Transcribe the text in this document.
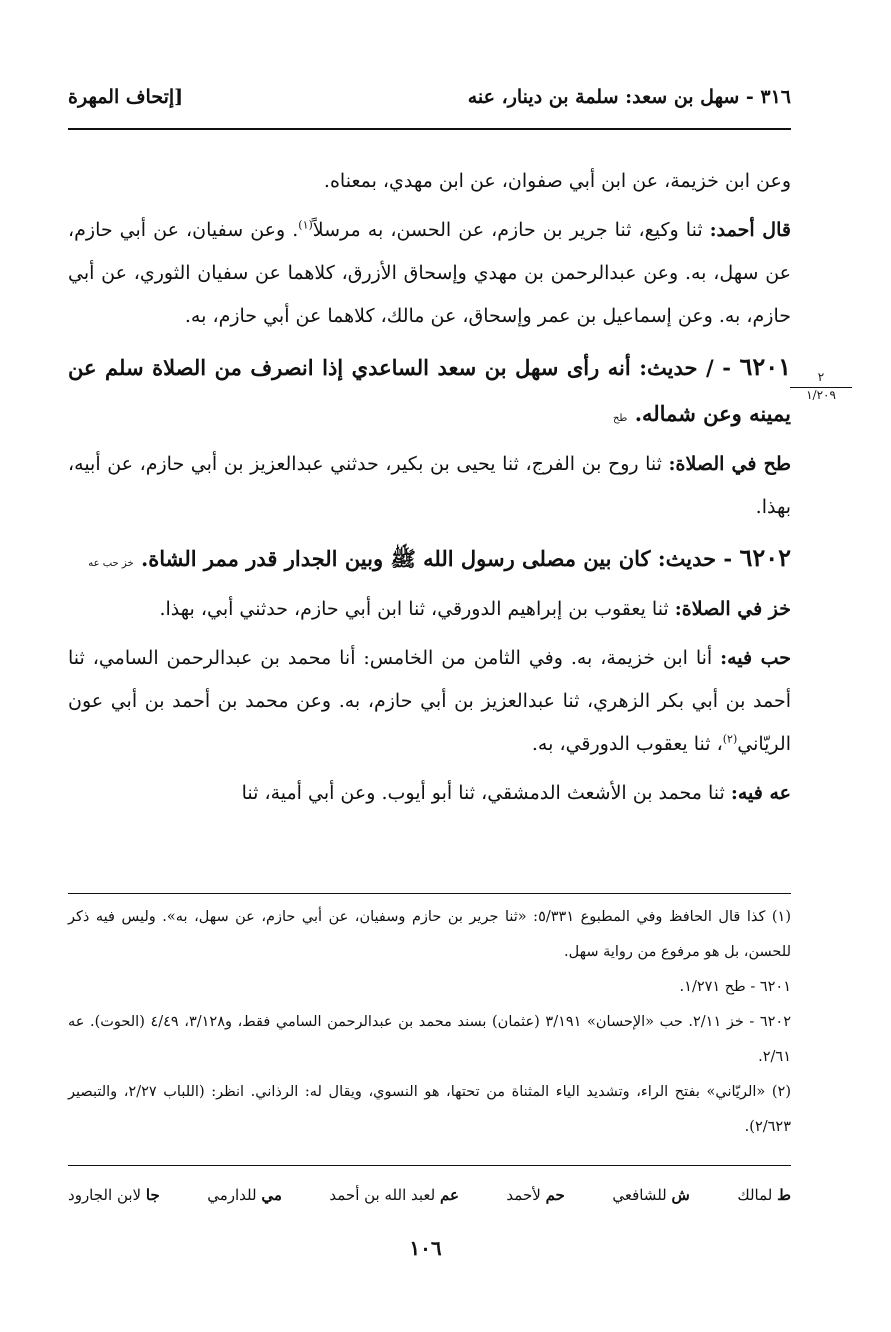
٣١٦ - سهل بن سعد: سلمة بن دينار، عنه
[إتحاف المهرة

وعن ابن خزيمة، عن ابن أبي صفوان، عن ابن مهدي، بمعناه.

قال أحمد: ثنا وكيع، ثنا جرير بن حازم، عن الحسن، به مرسلاً$^{(١)}$. وعن سفيان، عن أبي حازم، عن سهل، به. وعن عبدالرحمن بن مهدي وإسحاق الأزرق، كلاهما عن سفيان الثوري، عن أبي حازم، به. وعن إسماعيل بن عمر وإسحاق، عن مالك، كلاهما عن أبي حازم، به.

٦٢٠١ - / حديث: أنه رأى سهل بن سعد الساعدي إذا انصرف من الصلاة سلم عن يمينه وعن شماله. طح

طح في الصلاة: ثنا روح بن الفرج، ثنا يحيى بن بكير، حدثني عبدالعزيز بن أبي حازم، عن أبيه، بهذا.

٦٢٠٢ - حديث: كان بين مصلى رسول الله ﷺ وبين الجدار قدر ممر الشاة. خز حب عه

خز في الصلاة: ثنا يعقوب بن إبراهيم الدورقي، ثنا ابن أبي حازم، حدثني أبي، بهذا.

حب فيه: أنا ابن خزيمة، به. وفي الثامن من الخامس: أنا محمد بن عبدالرحمن السامي، ثنا أحمد بن أبي بكر الزهري، ثنا عبدالعزيز بن أبي حازم، به. وعن محمد بن أحمد بن أبي عون الريّاني$^{(٢)}$، ثنا يعقوب الدورقي، به.

عه فيه: ثنا محمد بن الأشعث الدمشقي، ثنا أبو أيوب. وعن أبي أمية، ثنا

٢
١/٢٠٩

(١) كذا قال الحافظ وفي المطبوع ٥/٣٣١: «ثنا جرير بن حازم وسفيان، عن أبي حازم، عن سهل، به». وليس فيه ذكر للحسن، بل هو مرفوع من رواية سهل.

٦٢٠١ - طح ١/٢٧١.

٦٢٠٢ - خز ٢/١١. حب «الإحسان» ٣/١٩١ (عثمان) بسند محمد بن عبدالرحمن السامي فقط، و٣/١٢٨، ٤/٤٩ (الحوت). عه ٢/٦١.

(٢) «الريّاني» بفتح الراء، وتشديد الياء المثناة من تحتها، هو النسوي، ويقال له: الرذاني. انظر: (اللباب ٢/٢٧، والتبصير ٢/٦٢٣).

ط لمالك
ش للشافعي
حم لأحمد
عم لعبد الله بن أحمد
مي للدارمي
جا لابن الجارود
١٠٦
